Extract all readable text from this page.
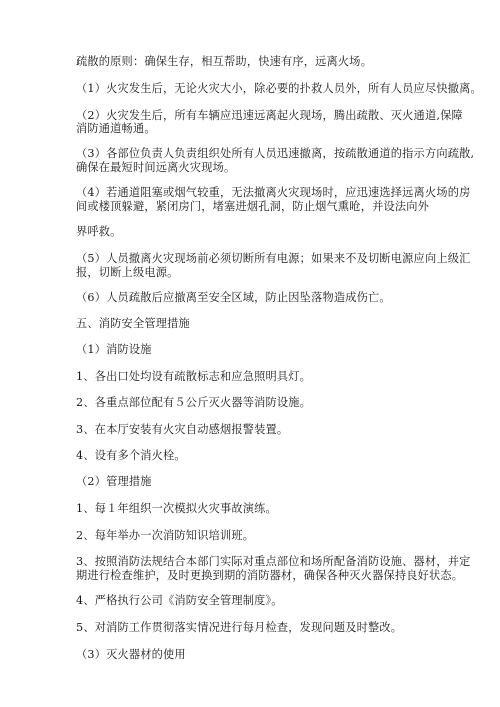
疏散的原则：确保生存，相互帮助，快速有序，远离火场。
（1）火灾发生后，无论火灾大小，除必要的扑救人员外，所有人员应尽快撤离。
（2）火灾发生后，所有车辆应迅速远离起火现场，腾出疏散、灭火通道,保障
消防通道畅通。
（3）各部位负责人负责组织处所有人员迅速撤离，按疏散通道的指示方向疏散,
确保在最短时间远离火灾现场。
（4）若通道阻塞或烟气较重，无法撤离火灾现场时，应迅速选择远离火场的房
间或楼顶躲避，紧闭房门，堵塞进烟孔洞，防止烟气熏呛，并设法向外
界呼救。
（5）人员撤离火灾现场前必须切断所有电源；如果来不及切断电源应向上级汇
报，切断上级电源。
（6）人员疏散后应撤离至安全区域，防止因坠落物造成伤亡。
五、消防安全管理措施
（1）消防设施
1、各出口处均设有疏散标志和应急照明具灯。
2、各重点部位配有５公斤灭火器等消防设施。
3、在本厅安装有火灾自动感烟报警装置。
4、设有多个消火栓。
（2）管理措施
1、每１年组织一次模拟火灾事故演练。
2、每年举办一次消防知识培训班。
3、按照消防法规结合本部门实际对重点部位和场所配备消防设施、器材，并定
期进行检查维护，及时更换到期的消防器材，确保各种灭火器保持良好状态。
4、严格执行公司《消防安全管理制度》。
5、对消防工作贯彻落实情况进行每月检查，发现问题及时整改。
（3）灭火器材的使用
